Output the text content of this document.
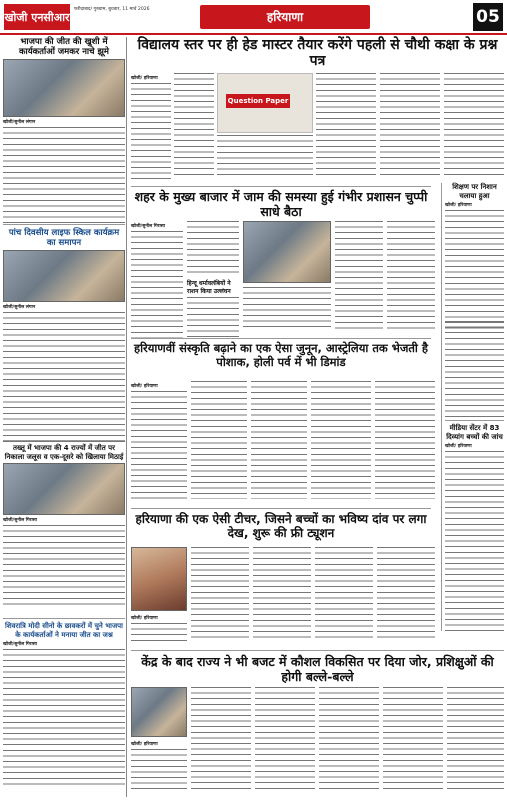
खोजी एनसीआर
फरीदाबाद/ गुरुग्राम, बुधवार, 11 मार्च 2026
हरियाणा	05
भाजपा की जीत की खुशी में कार्यकर्ताओं जमकर नाचे झूमे
खोजी/सुनील लंगान
पांच दिवसीय लाइफ स्किल कार्यक्रम का समापन
खोजी/सुनील लंगान
तख्तू में भाजपा की 4 राज्यों में जीत पर निकाला जलूस व एक-दूसरे को खिलाया मिठाई
खोजी/सुनील गिरासा
शिवरात्रि मोदी सीनो के छावकरों में चुने भाजपा के कार्यकर्ताओं ने मनाया जीत का जश्न
खोजी/सुनील गिरासा
विद्यालय स्तर पर ही हेड मास्टर तैयार करेंगे पहली से चौथी कक्षा के प्रश्न पत्र
खोजी/ हरियाणा
Question Paper
शहर के मुख्य बाजार में जाम की समस्या हुई गंभीर प्रशासन चुप्पी साधे बैठा
खोजी/सुनील गिरासा
हिन्दू धर्मावलंबियों ने राशन किया उल्लंघन
शिक्षण पर निशान चलाया हुआ
खोजी/ हरियाणा
हरियाणवीं संस्कृति बढ़ाने का एक ऐसा जुनून, आस्ट्रेलिया तक भेजती है पोशाक, होली पर्व में भी डिमांड
खोजी/ हरियाणा
मीडिया सेंटर में 83 दिव्यांग बच्चों की जांच
खोजी/ हरियाणा
हरियाणा की एक ऐसी टीचर, जिसने बच्चों का भविष्य दांव पर लगा देख, शुरू की फ्री ट्यूशन
खोजी/ हरियाणा
केंद्र के बाद राज्य ने भी बजट में कौशल विकसित पर दिया जोर, प्रशिक्षुओं की होगी बल्ले-बल्ले
खोजी/ हरियाणा
